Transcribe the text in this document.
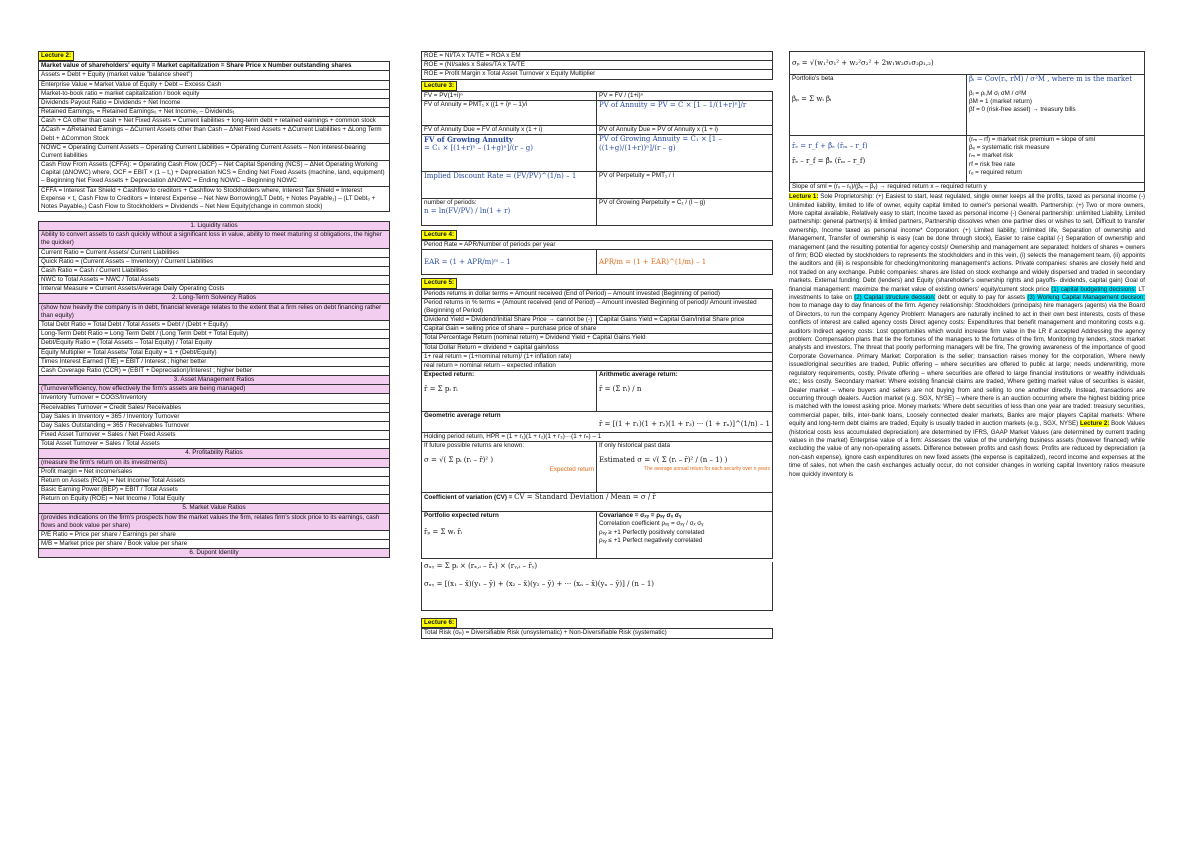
Lecture 2:
Market value of shareholders' equity = Market capitalization = Share Price x Number outstanding shares
Assets = Debt + Equity (market value "balance sheet")
Enterprise Value = Market Value of Equity + Debt – Excess Cash
Market-to-book ratio = market capitalization / book equity
Dividends Payout Ratio = Dividends ÷ Net Income
Retained Earnings₁ = Retained Earnings₀ + Net Income₁ – Dividends₁
Cash + CA other than cash + Net Fixed Assets = Current liabilities + long-term debt + retained earnings + common stock
ΔCash = ΔRetained Earnings – ΔCurrent Assets other than Cash – ΔNet Fixed Assets + ΔCurrent Liabilities + ΔLong Term Debt + ΔCommon Stock
NOWC = Operating Current Assets – Operating Current Liabilities = Operating Current Assets – Non interest-bearing Current liabilities
Cash Flow From Assets (CFFA): = Operating Cash Flow (OCF) – Net Capital Spending (NCS) – ΔNet Operating Working Capital (ΔNOWC) where, OCF = EBIT × (1 – t꜀) + Depreciation NCS = Ending Net Fixed Assets (machine, land, equipment) – Beginning Net Fixed Assets + Depreciation ΔNOWC = Ending NOWC – Beginning NOWC
CFFA = Interest Tax Shield + Cashflow to creditors + Cashflow to Stockholders where, Interest Tax Shield = Interest Expense × t꜀ Cash Flow to Creditors = Interest Expense – Net New Borrowing(LT Debt₁ + Notes Payable₁) – (LT Debt₀ + Notes Payable₀) Cash Flow to Stockholders = Dividends – Net New Equity(change in common stock)
1. Liquidity ratios
Ability to convert assets to cash quickly without a significant loss in value, ability to meet maturing st obligations, the higher the quicker)
Current Ratio = Current Assets/ Current Liabilities
Quick Ratio = (Current Assets – Inventory) / Current Liabilities
Cash Ratio = Cash / Current Liabilities
NWC to Total Assets = NWC / Total Assets
Interval Measure = Current Assets/Average Daily Operating Costs
2. Long-Term Solvency Ratios
(show how heavily the company is in debt, financial leverage relates to the extent that a firm relies on debt financing rather than equity)
Total Debt Ratio = Total Debt / Total Assets = Debt / (Debt + Equity)
Long-Term Debt Ratio = Long Term Debt / (Long Term Debt + Total Equity)
Debt/Equity Ratio = (Total Assets – Total Equity) / Total Equity
Equity Multiplier = Total Assets/ Total Equity = 1 + (Debt/Equity)
Times Interest Earned (TIE) = EBIT / Interest ; higher better
Cash Coverage Ratio (CCR) = (EBIT + Depreciation)/Interest ; higher better
3. Asset Management Ratios
(Turnover/efficiency, how effectively the firm's assets are being managed)
Inventory Turnover = COGS/Inventory
Receivables Turnover = Credit Sales/ Receivables
Day Sales in Inventory = 365 / Inventory Turnover
Day Sales Outstanding = 365 / Receivables Turnover
Fixed Asset Turnover = Sales / Net Fixed Assets
Total Asset Turnover = Sales / Total Assets
4. Profitability Ratios
(measure the firm's return on its investments)
Profit margin = Net income/sales
Return on Assets (ROA) = Net Income/ Total Assets
Basic Earning Power (BEP) = EBIT / Total Assets
Return on Equity (ROE) = Net Income / Total Equity
5. Market Value Ratios
(provides indications on the firm's prospects how the market values the firm, relates firm's stock price to its earnings, cash flows and book value per share)
P/E Ratio = Price per share / Earnings per share
M/B = Market price per share / Book value per share
6. Dupont Identity
ROE = NI/TA x TA/TE = ROA x EM
ROE = (NI/sales x Sales/TA x TA/TE
ROE = Profit Margin x Total Asset Turnover x Equity Multiplier
Lecture 3:
FV = PV(1+i)ⁿ	PV = FV / (1+i)ⁿ
FV of Annuity = PMT₁ x ((1 + i)ⁿ – 1)/i	PV of Annuity = PV = C × [1 – 1/(1+r)ⁿ]/r
FV of Annuity Due = FV of Annuity x (1 + i)	PV of Annuity Due = PV of Annuity x (1 + i)
FV of Growing Annuity
= C₁ × [(1+r)ⁿ – (1+g)ⁿ]/(r – g)
PV of Growing Annuity = C₁ × [1 – ((1+g)/(1+r))ⁿ]/(r – g)
Implied Discount Rate = (FV/PV)^(1/n) – 1	PV of Perpetuity = PMT₁ / I
number of periods:
n = ln(FV/PV) / ln(1 + r)
PV of Growing Perpetuity = C₁ / (I – g)
Lecture 4:
Period Rate = APR/Number of periods per year
EAR = (1 + APR/m)ᵐ – 1	APR/m = (1 + EAR)^(1/m) – 1
Lecture 5:
Periods returns in dollar terms = Amount received (End of Period) – Amount invested (Beginning of period)
Period returns in % terms = (Amount received (end of Period) – Amount invested Beginning of period)/ Amount invested (Beginning of Period)
Dividend Yield = Dividend/Initial Share Price → cannot be (-)	Capital Gains Yield = Capital Gain/Initial Share price
Capital Gain = selling price of share – purchase price of share
Total Percentage Return (nominal return) = Dividend Yield + Capital Gains Yield
Total Dollar Return = dividend + capital gain/loss
1+ real return = (1+nominal return)/ (1+ inflation rate)
real return ≈ nominal return – expected inflation
Expected return:
r̄ = Σ pᵢ rᵢ
Arithmetic average return:
r̄ = (Σ rᵢ) / n
Geometric average return
r̄ = [(1 + r₁)(1 + r₂)(1 + r₃) ··· (1 + rₙ)]^(1/n) – 1
Holding period return, HPR = (1 + r₁)(1 + r₂)(1 + r₃)···(1 + rₙ) – 1
If future possible returns are known:
σ = √( Σ pᵢ (rᵢ – r̄)² )
Expected return
If only historical past data
Estimated σ = √( Σ (rᵢ – r̄)² / (n – 1) )
The average annual return for each security over n years
Coefficient of variation (CV) = CV = Standard Deviation / Mean = σ / r̄
Portfolio expected return
r̄ₚ = Σ wᵢ r̄ᵢ
Covariance = σₓᵧ = ρₓᵧ σₓ σᵧ
Correlation coefficient ρₓᵧ = σₓᵧ / σₓ σᵧ
ρₓᵧ ≥ +1 Perfectly positively correlated
ρₓᵧ ≤ +1 Perfect negatively correlated
σₓᵧ = Σ pᵢ × (rₓ,ᵢ – r̄ₓ) × (rᵧ,ᵢ – r̄ᵧ)
σₓᵧ = [(x₁ – x̄)(y₁ – ȳ) + (x₂ – x̄)(y₂ – ȳ) + ··· (xₙ – x̄)(yₙ – ȳ)] / (n – 1)
Lecture 6:
Total Risk (σₚ) = Diversifiable Risk (unsystematic) + Non-Diversifiable Risk (systematic)
σₚ = √(w₁²σ₁² + w₂²σ₂² + 2w₁w₂σ₁σ₂ρ₁,₂)
Portfolio's beta
βₚ = Σ wᵢ βᵢ
βᵢ = Cov(rᵢ, rM) / σ²M , where m is the market
βᵢ = ρᵢ,M σᵢ σM / σ²M
βM = 1 (market return)
βf = 0 (risk-free asset) → treasury bills
r̄ₑ = r_f + β̂ₑ (r̄ₘ – r_f)
r̄ₑ – r_f = β̂ₑ (r̄ₘ – r_f)
(rₘ – rf) = market risk premium = slope of sml
βₑ = systematic risk measure
rₘ = market risk
rf = risk free rate
rₑ = required return
Slope of sml = (rₓ – rᵧ)/(βₓ – βᵧ) → required return x – required return y
Lecture 1: Sole Proprietorship: (+) Easiest to start, least regulated, single owner keeps all the profits, taxed as personal income (-) Unlimited liability, limited to life of owner, equity capital limited to owner's personal wealth. Partnership: (+) Two or more owners, More capital available, Relatively easy to start, Income taxed as personal income (-) General partnership: unlimited Liability, Limited partnership: general partner(s) & limited partners, Partnership dissolves when one partner dies or wishes to sell, Difficult to transfer ownership, Income taxed as personal income* Corporation: (+) Limited liability, Unlimited life, Separation of ownership and Management, Transfer of ownership is easy (can be done through stock), Easier to raise capital (-) Separation of ownership and management (and the resulting potential for agency costs)/ Ownership and management are separated: holders of shares = owners of firm; BOD elected by stockholders to represents the stockholders and in this vein, (i) selects the management team, (ii) appoints the auditors and (iii) is responsible for checking/monitoring management's actions. Private companies: shares are closely held and not traded on any exchange. Public companies: shares are listed on stock exchange and widely dispersed and traded in secondary markets. External funding: Debt (lenders) and Equity (shareholder's ownership rights and payoffs- dividends, capital gain) Goal of financial management: maximize the market value of existing owners' equity/current stock price (1) capital budgeting decisions: LT investments to take on (2) Capital structure decision: debt or equity to pay for assets (3) Working Capital Management decision: how to manage day to day finances of the firm. Agency relationship: Stockholders (principals) hire managers (agents) via the Board of Directors, to run the company Agency Problem: Managers are naturally inclined to act in their own best interests, costs of these conflicts of interest are called agency costs Direct agency costs: Expenditures that benefit management and monitoring costs e.g. auditors Indirect agency costs: Lost opportunities which would increase firm value in the LR if accepted Addressing the agency problem: Compensation plans that tie the fortunes of the managers to the fortunes of the firm, Monitoring by lenders, stock market analysts and investors, The threat that poorly performing managers will be fire, The growing awareness of the importance of good Corporate Governance. Primary Market: Corporation is the seller; transaction raises money for the corporation, Where newly issued/original securities are traded, Public offering – where securities are offered to public at large; needs underwriting, more regulatory requirements, costly, Private offering – where securities are offered to large financial institutions or wealthy individuals etc.; less costly. Secondary market: Where existing financial claims are traded, Where getting market value of securities is easier, Dealer market – where buyers and sellers are not buying from and selling to one another directly. Instead, transactions are occurring through dealers. Auction market (e.g. SGX, NYSE) – where there is an auction occurring where the highest bidding price is matched with the lowest asking price. Money markets: Where debt securities of less than one year are traded: treasury securities, commercial paper, bills, inter-bank loans, Loosely connected dealer markets, Banks are major players Capital markets: Where equity and long-term debt claims are traded, Equity is usually traded in auction markets (e.g., SGX, NYSE) Lecture 2: Book Values (historical costs less accumulated depreciation) are determined by IFRS, GAAP Market Values (are determined by current trading values in the market) Enterprise value of a firm: Assesses the value of the underlying business assets (however financed) while excluding the value of any non-operating assets. Difference between profits and cash flows: Profits are reduced by depreciation (a non-cash expense), ignore cash expenditures on new fixed assets (the expense is capitalized), record income and expenses at the time of sales, not when the cash exchanges actually occur, do not consider changes in working capital Inventory ratios measure how quickly inventory is
